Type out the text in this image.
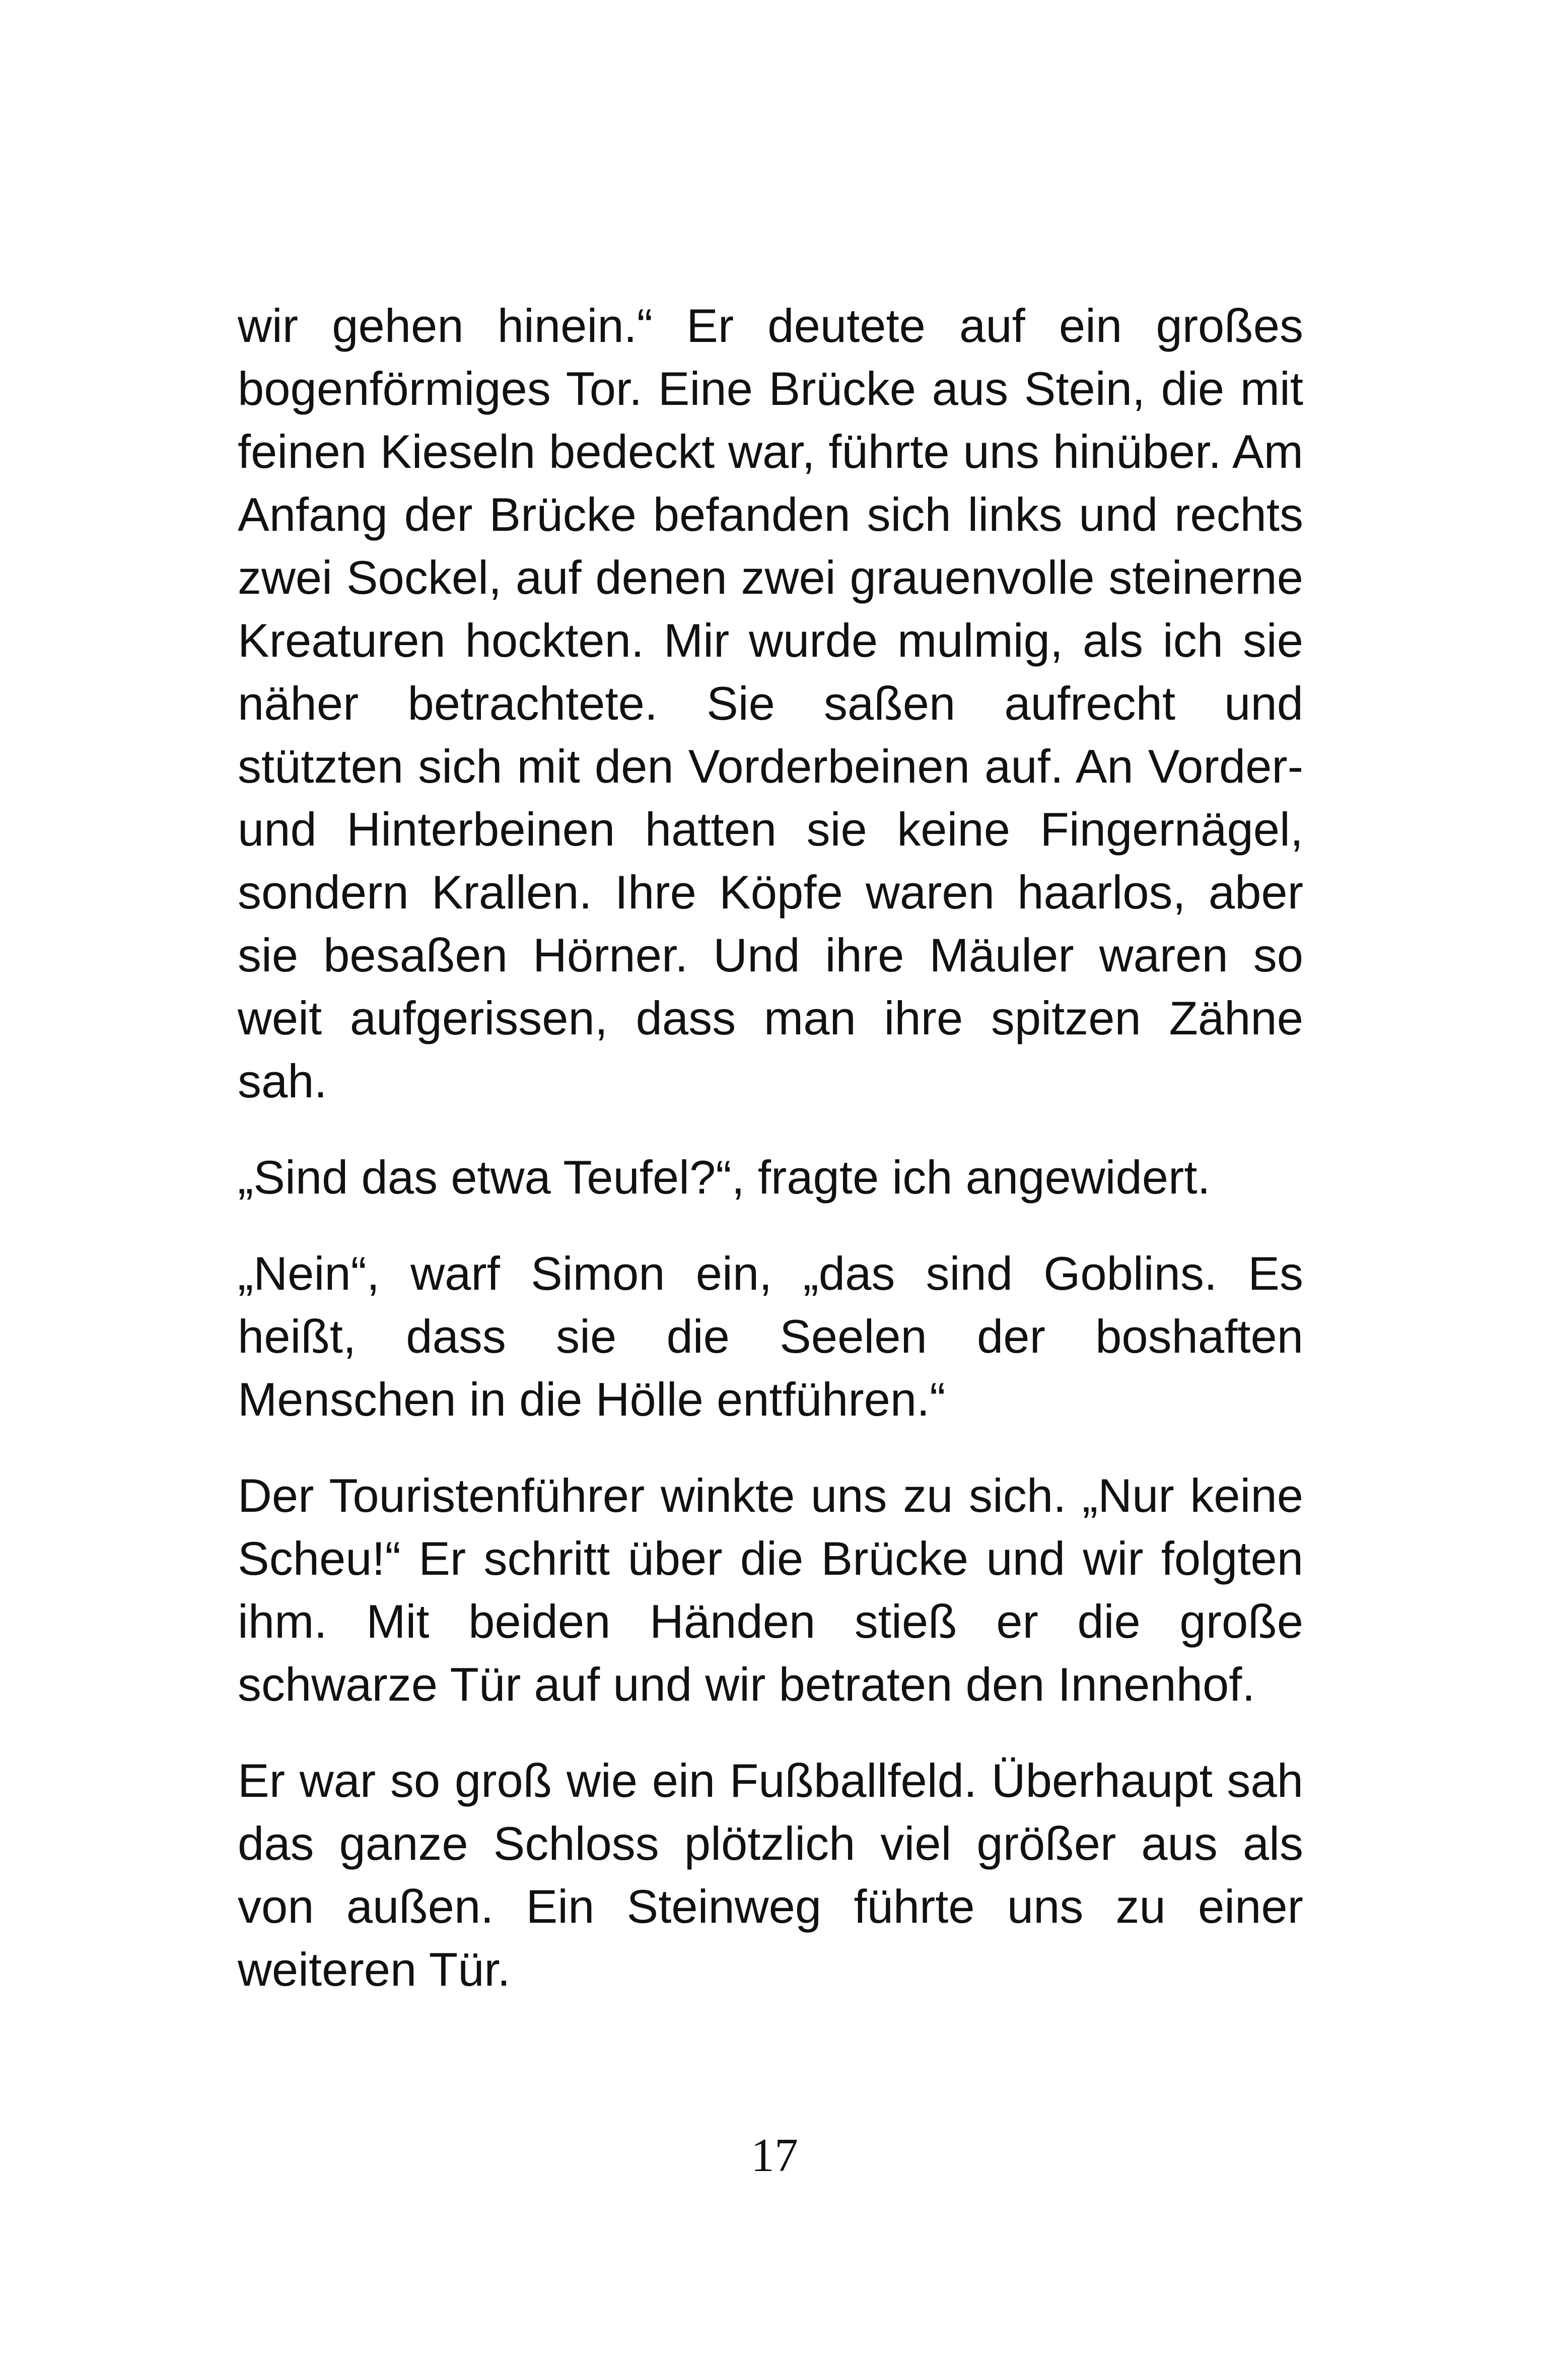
wir gehen hinein.“ Er deutete auf ein großes bogenförmiges Tor. Eine Brücke aus Stein, die mit feinen Kieseln bedeckt war, führte uns hinüber. Am Anfang der Brücke befanden sich links und rechts zwei Sockel, auf denen zwei grauenvolle steinerne Kreaturen hockten. Mir wurde mulmig, als ich sie näher betrachtete. Sie saßen aufrecht und stützten sich mit den Vorderbeinen auf. An Vorder- und Hinterbeinen hatten sie keine Fingernägel, sondern Krallen. Ihre Köpfe waren haarlos, aber sie besaßen Hörner. Und ihre Mäuler waren so weit aufgerissen, dass man ihre spitzen Zähne sah.

„Sind das etwa Teufel?“, fragte ich angewidert.

„Nein“, warf Simon ein, „das sind Goblins. Es heißt, dass sie die Seelen der boshaften Menschen in die Hölle entführen.“

Der Touristenführer winkte uns zu sich. „Nur keine Scheu!“ Er schritt über die Brücke und wir folgten ihm. Mit beiden Händen stieß er die große schwarze Tür auf und wir betraten den Innenhof.

Er war so groß wie ein Fußballfeld. Überhaupt sah das ganze Schloss plötzlich viel größer aus als von außen. Ein Steinweg führte uns zu einer weiteren Tür.

17
